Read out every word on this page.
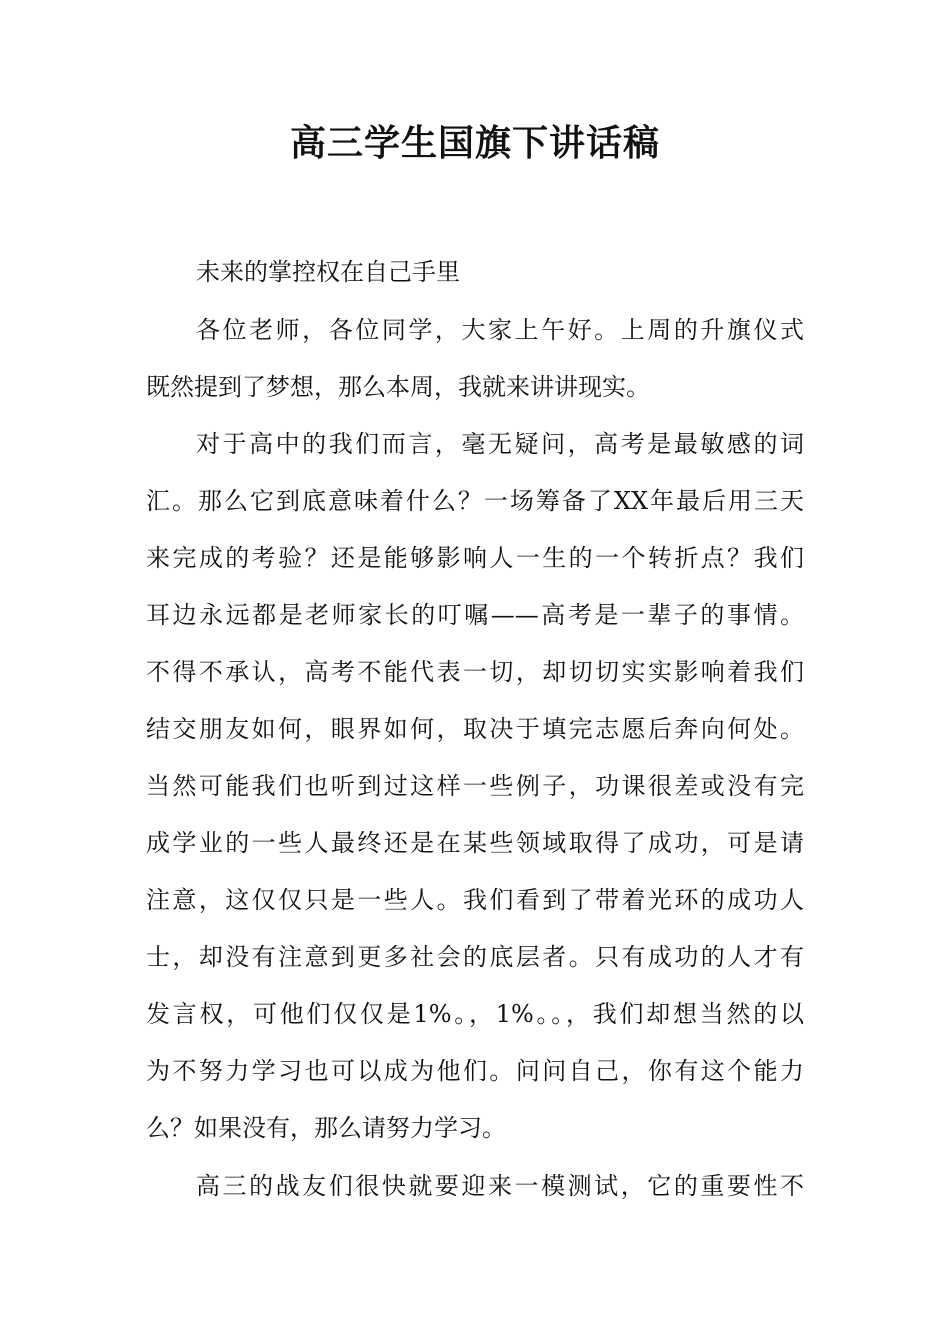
高三学生国旗下讲话稿

未来的掌控权在自己手里

各位老师，各位同学，大家上午好。上周的升旗仪式

既然提到了梦想，那么本周，我就来讲讲现实。

对于高中的我们而言，毫无疑问，高考是最敏感的词

汇。那么它到底意味着什么？一场筹备了XX年最后用三天

来完成的考验？还是能够影响人一生的一个转折点？我们

耳边永远都是老师家长的叮嘱——高考是一辈子的事情。

不得不承认，高考不能代表一切，却切切实实影响着我们

结交朋友如何，眼界如何，取决于填完志愿后奔向何处。

当然可能我们也听到过这样一些例子，功课很差或没有完

成学业的一些人最终还是在某些领域取得了成功，可是请

注意，这仅仅只是一些人。我们看到了带着光环的成功人

士，却没有注意到更多社会的底层者。只有成功的人才有

发言权，可他们仅仅是1%。，1%。。，我们却想当然的以

为不努力学习也可以成为他们。问问自己，你有这个能力

么？如果没有，那么请努力学习。

高三的战友们很快就要迎来一模测试，它的重要性不
